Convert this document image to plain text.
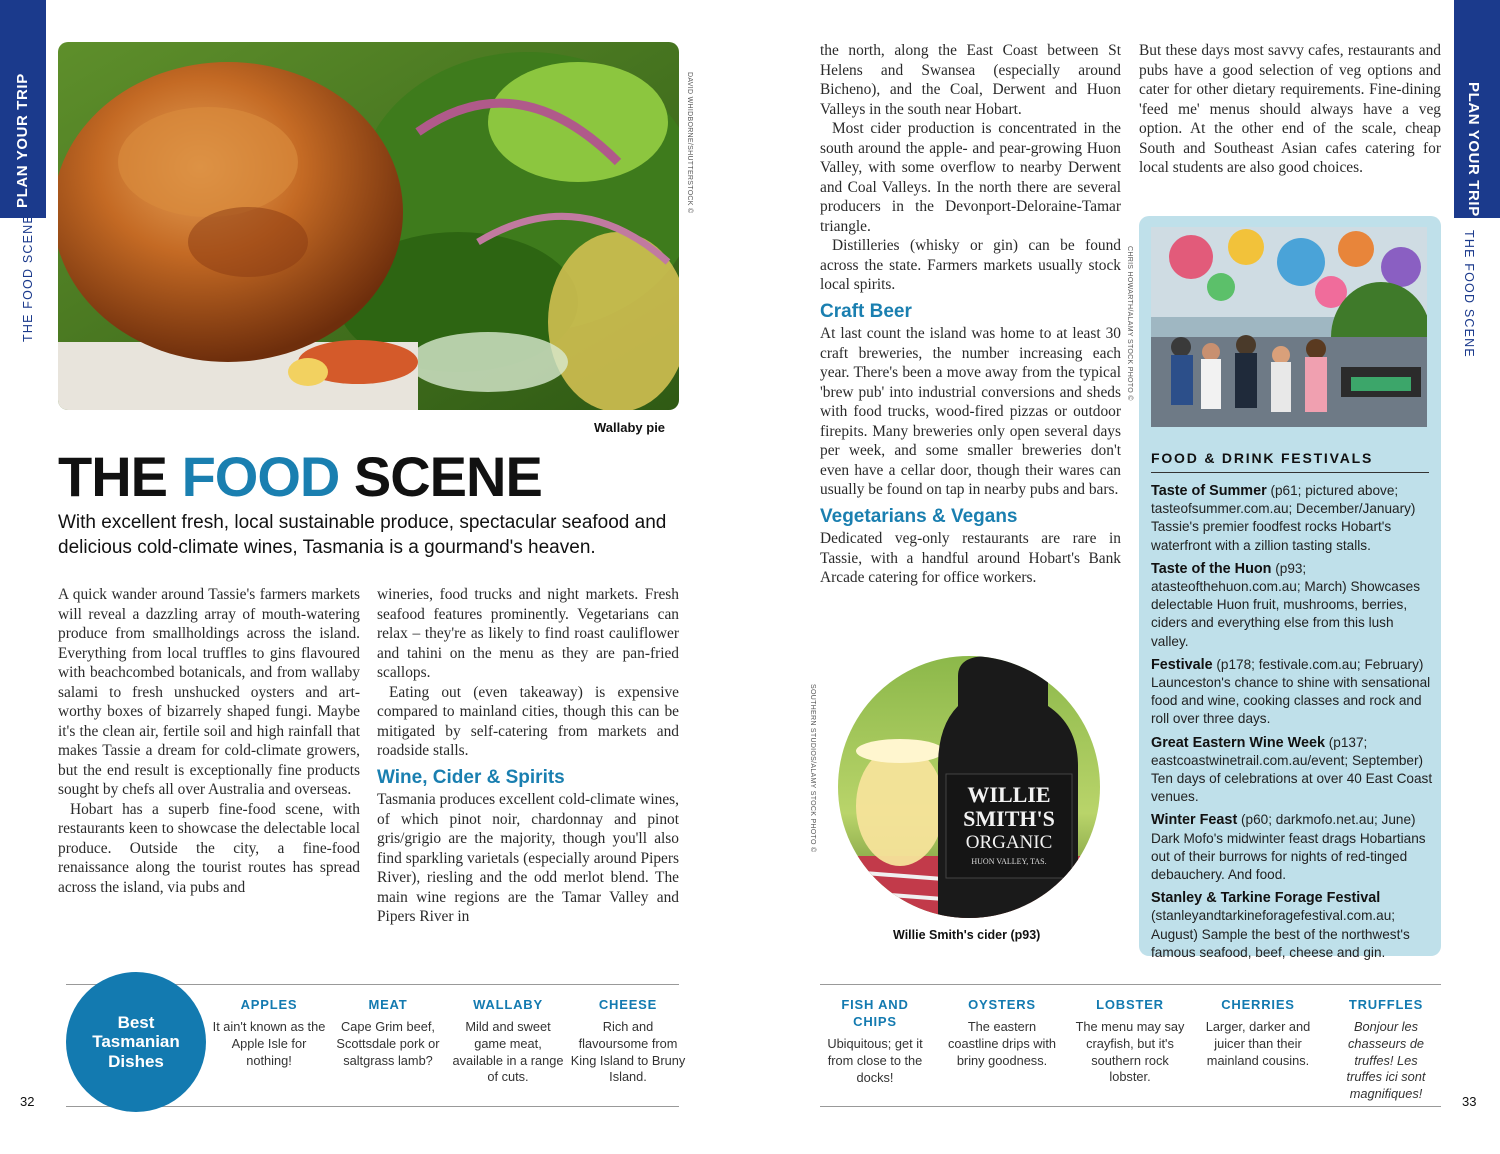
PLAN YOUR TRIP
THE FOOD SCENE
PLAN YOUR TRIP
THE FOOD SCENE
DAVID WHIDBORNE/SHUTTERSTOCK ©
Wallaby pie
THE FOOD SCENE
With excellent fresh, local sustainable produce, spectacular seafood and delicious cold-climate wines, Tasmania is a gourmand's heaven.

A quick wander around Tassie's farmers markets will reveal a dazzling array of mouth-watering produce from smallholdings across the island. Everything from local truffles to gins flavoured with beachcombed botanicals, and from wallaby salami to fresh unshucked oysters and art-worthy boxes of bizarrely shaped fungi. Maybe it's the clean air, fertile soil and high rainfall that makes Tassie a dream for cold-climate growers, but the end result is exceptionally fine products sought by chefs all over Australia and overseas.

Hobart has a superb fine-food scene, with restaurants keen to showcase the delectable local produce. Outside the city, a fine-food renaissance along the tourist routes has spread across the island, via pubs and

wineries, food trucks and night markets. Fresh seafood features prominently. Vegetarians can relax – they're as likely to find roast cauliflower and tahini on the menu as they are pan-fried scallops.

Eating out (even takeaway) is expensive compared to mainland cities, though this can be mitigated by self-catering from markets and roadside stalls.

Wine, Cider & Spirits

Tasmania produces excellent cold-climate wines, of which pinot noir, chardonnay and pinot gris/grigio are the majority, though you'll also find sparkling varietals (especially around Pipers River), riesling and the odd merlot blend. The main wine regions are the Tamar Valley and Pipers River in

the north, along the East Coast between St Helens and Swansea (especially around Bicheno), and the Coal, Derwent and Huon Valleys in the south near Hobart.

Most cider production is concentrated in the south around the apple- and pear-growing Huon Valley, with some overflow to nearby Derwent and Coal Valleys. In the north there are several producers in the Devonport-Deloraine-Tamar triangle.

Distilleries (whisky or gin) can be found across the state. Farmers markets usually stock local spirits.

Craft Beer

At last count the island was home to at least 30 craft breweries, the number increasing each year. There's been a move away from the typical 'brew pub' into industrial conversions and sheds with food trucks, wood-fired pizzas or outdoor firepits. Many breweries only open several days per week, and some smaller breweries don't even have a cellar door, though their wares can usually be found on tap in nearby pubs and bars.

Vegetarians & Vegans

Dedicated veg-only restaurants are rare in Tassie, with a handful around Hobart's Bank Arcade catering for office workers.

But these days most savvy cafes, restaurants and pubs have a good selection of veg options and cater for other dietary requirements. Fine-dining 'feed me' menus should always have a veg option. At the other end of the scale, cheap South and Southeast Asian cafes catering for local students are also good choices.

WILLIE
SMITH'S
ORGANIC
HUON VALLEY, TAS.
SOUTHERN STUDIOS/ALAMY STOCK PHOTO ©
Willie Smith's cider (p93)
CHRIS HOWARTH/ALAMY STOCK PHOTO ©
FOOD & DRINK FESTIVALS
Taste of Summer (p61; pictured above; tasteofsummer.com.au; December/January) Tassie's premier foodfest rocks Hobart's waterfront with a zillion tasting stalls.
Taste of the Huon (p93; atasteofthehuon.com.au; March) Showcases delectable Huon fruit, mushrooms, berries, ciders and everything else from this lush valley.
Festivale (p178; festivale.com.au; February) Launceston's chance to shine with sensational food and wine, cooking classes and rock and roll over three days.
Great Eastern Wine Week (p137; eastcoastwinetrail.com.au/event; September) Ten days of celebrations at over 40 East Coast venues.
Winter Feast (p60; darkmofo.net.au; June) Dark Mofo's midwinter feast drags Hobartians out of their burrows for nights of red-tinged debauchery. And food.
Stanley & Tarkine Forage Festival (stanleyandtarkineforagefestival.com.au; August) Sample the best of the northwest's famous seafood, beef, cheese and gin.
Best Tasmanian Dishes
APPLES
It ain't known as the Apple Isle for nothing!
MEAT
Cape Grim beef, Scottsdale pork or saltgrass lamb?
WALLABY
Mild and sweet game meat, available in a range of cuts.
CHEESE
Rich and flavoursome from King Island to Bruny Island.
FISH AND CHIPS
Ubiquitous; get it from close to the docks!
OYSTERS
The eastern coastline drips with briny goodness.
LOBSTER
The menu may say crayfish, but it's southern rock lobster.
CHERRIES
Larger, darker and juicer than their mainland cousins.
TRUFFLES
Bonjour les chasseurs de truffes! Les truffes ici sont magnifiques!
32	33
